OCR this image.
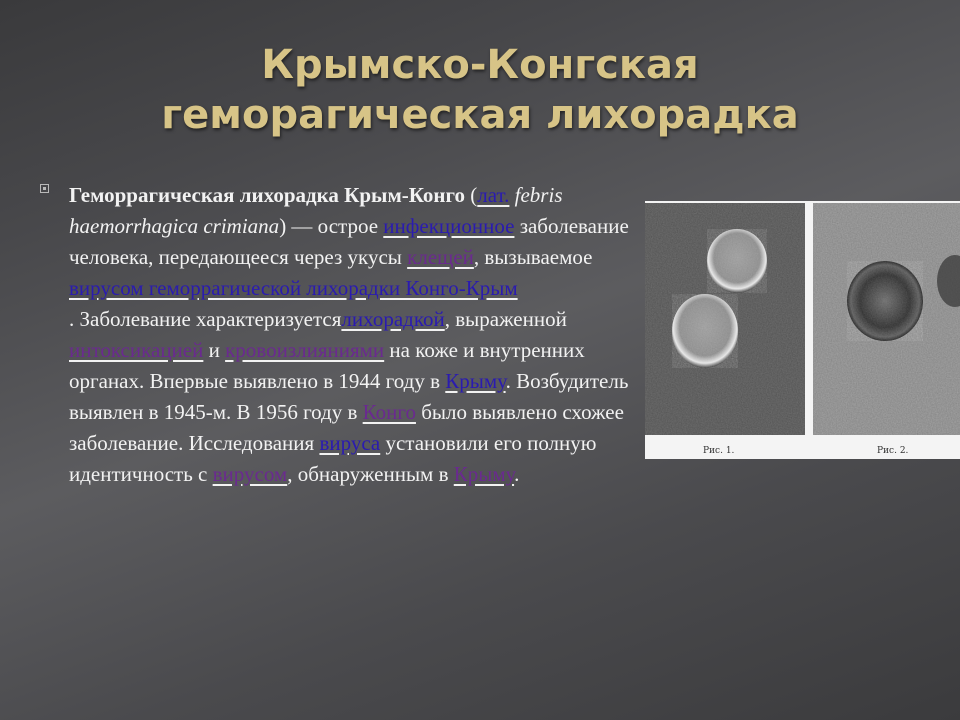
Крымско-Конгская
геморагическая лихорадка

Геморрагическая лихорадка Крым-Конго (лат. febris haemorrhagica crimiana) — острое инфекционное заболевание человека, передающееся через укусы клещей, вызываемое
вирусом геморрагической лихорадки Конго-Крым
. Заболевание характеризуетсялихорадкой, выраженной интоксикацией и кровоизлияниями на коже и внутренних органах. Впервые выявлено в 1944 году в Крыму. Возбудитель выявлен в 1945-м. В 1956 году в Конго было выявлено схожее заболевание. Исследования вируса установили его полную идентичность с вирусом, обнаруженным в Крыму.

Рис. 1.	Рис. 2.
